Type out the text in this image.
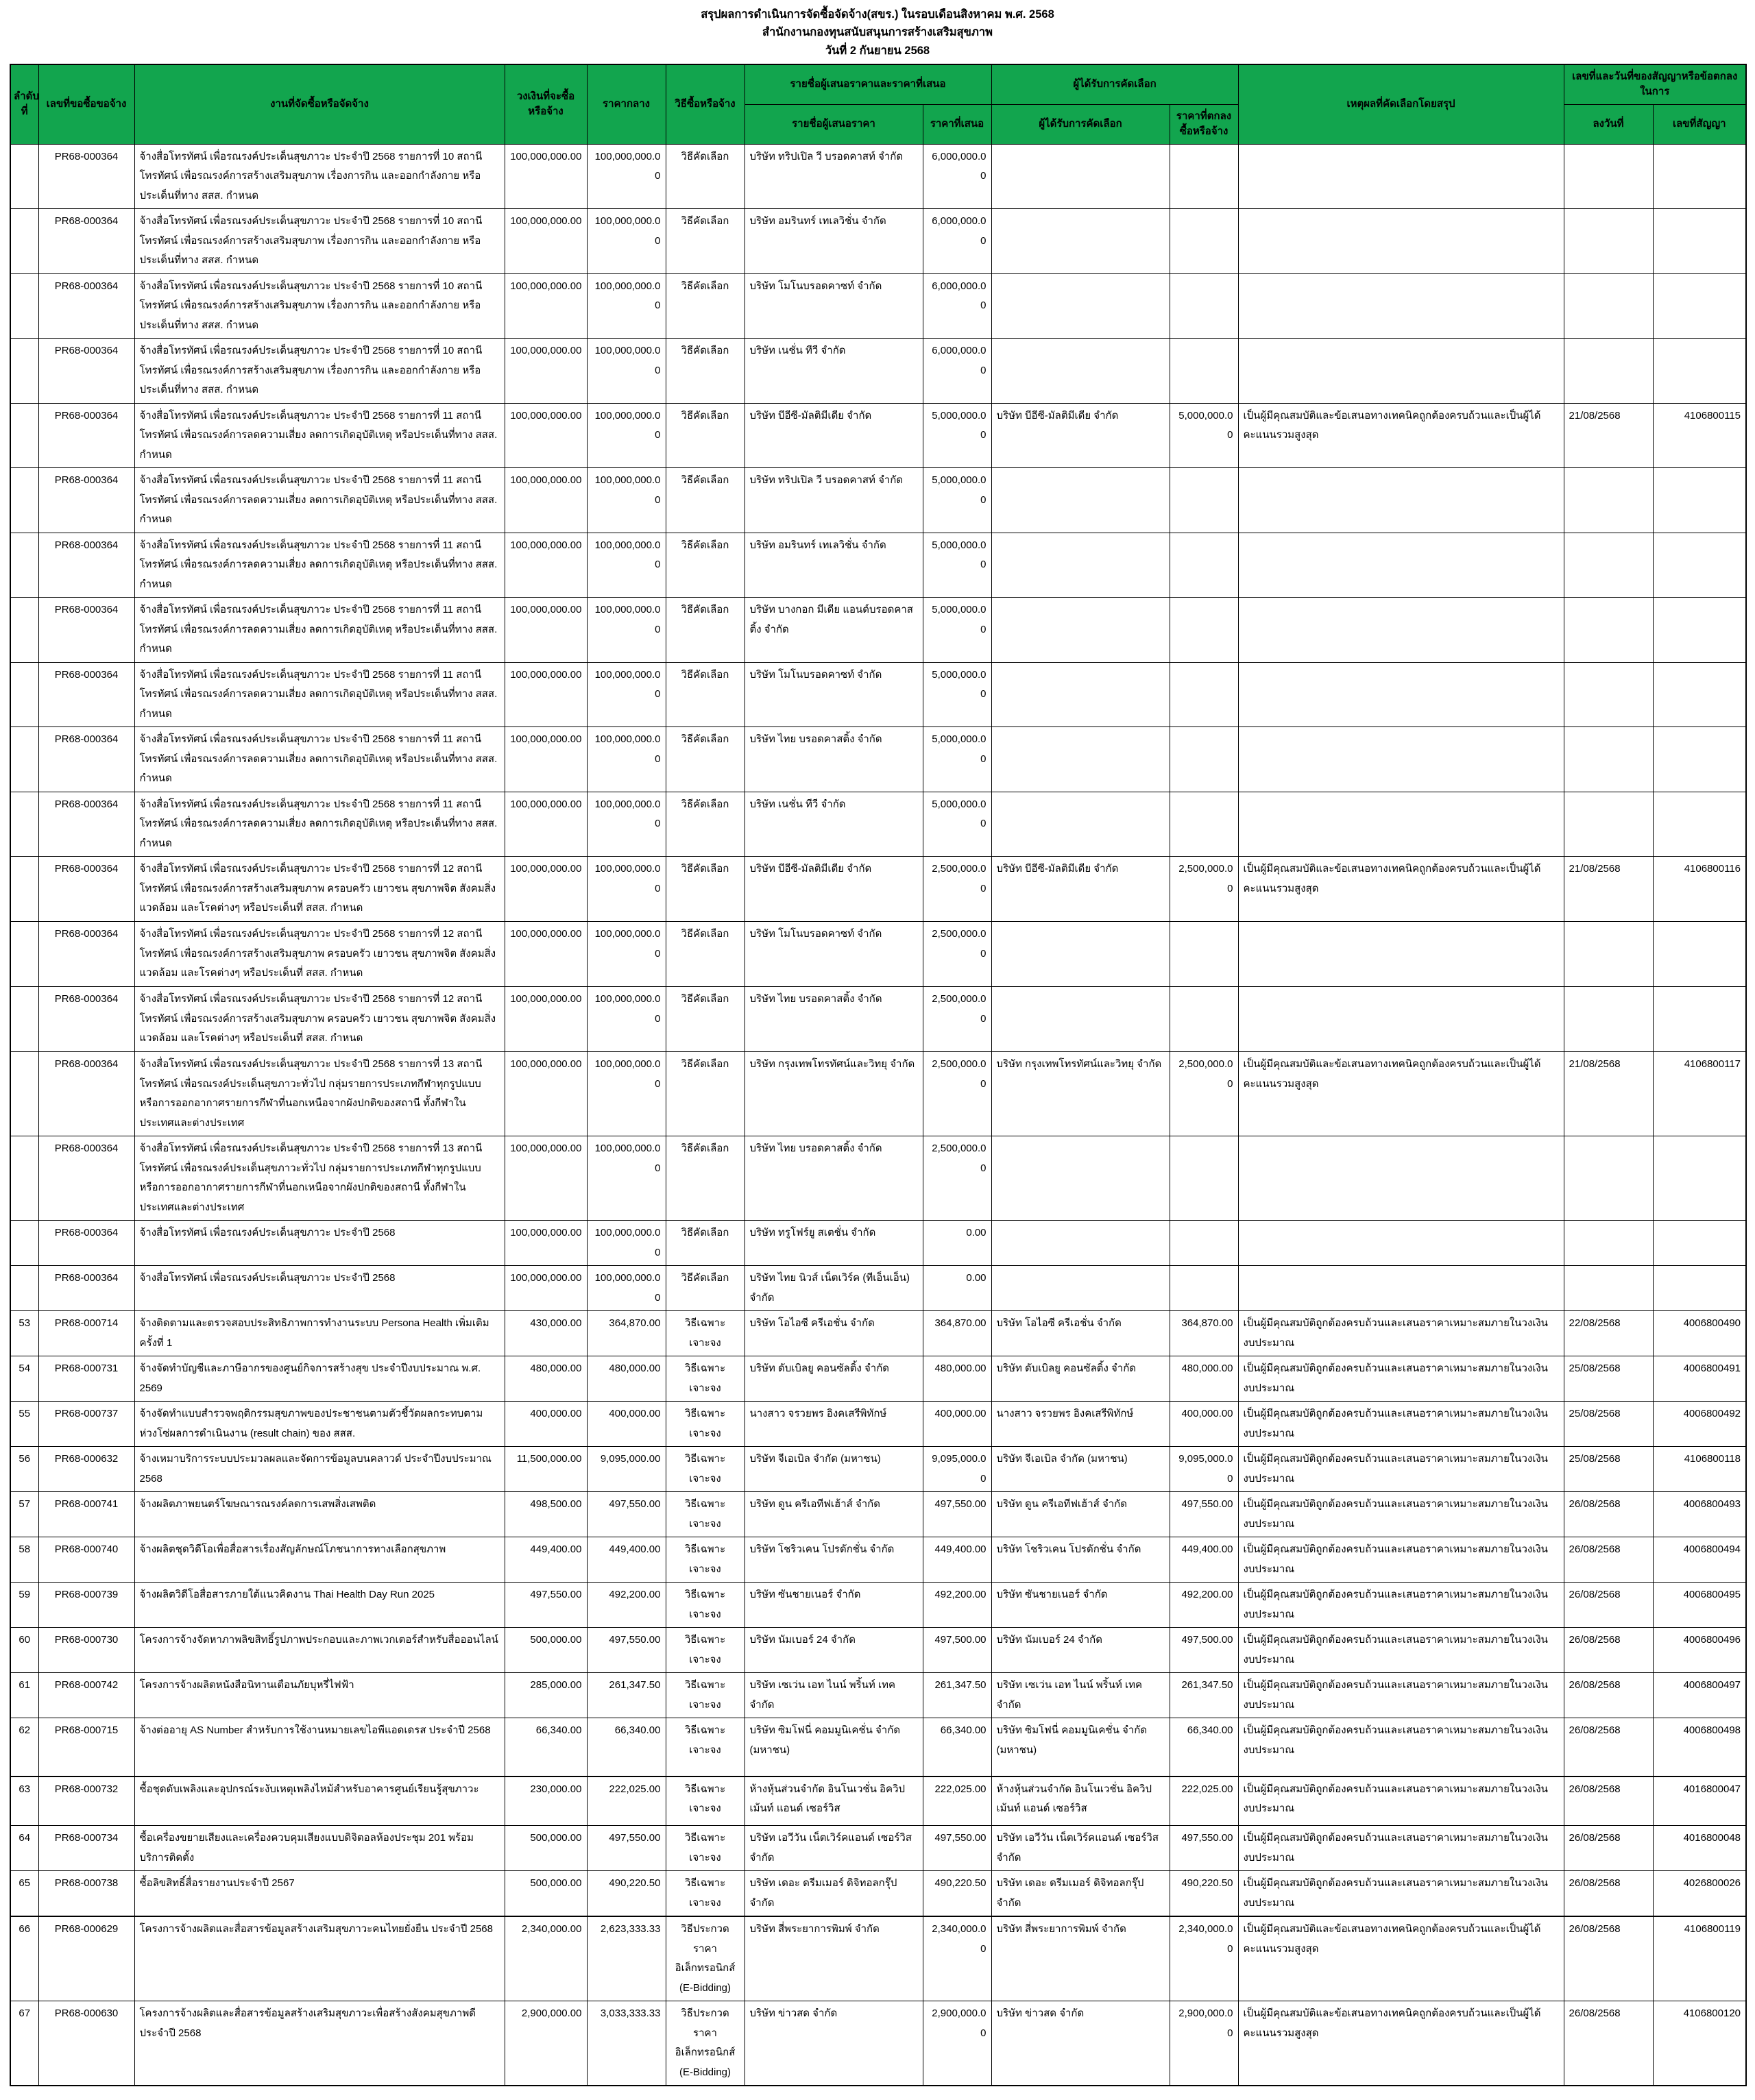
สรุปผลการดำเนินการจัดซื้อจัดจ้าง(สขร.) ในรอบเดือนสิงหาคม พ.ศ. 2568
สำนักงานกองทุนสนับสนุนการสร้างเสริมสุขภาพ
วันที่ 2 กันยายน 2568
ลำดับที่	เลขที่ขอซื้อขอจ้าง	งานที่จัดซื้อหรือจัดจ้าง	วงเงินที่จะซื้อหรือจ้าง	ราคากลาง	วิธีซื้อหรือจ้าง	รายชื่อผู้เสนอราคาและราคาที่เสนอ		ผู้ได้รับการคัดเลือก		เหตุผลที่คัดเลือกโดยสรุป	เลขที่และวันที่ของสัญญาหรือข้อตกลงในการ	
						รายชื่อผู้เสนอราคา	ราคาที่เสนอ	ผู้ได้รับการคัดเลือก	ราคาที่ตกลงซื้อหรือจ้าง		ลงวันที่	เลขที่สัญญา
	PR68-000364	จ้างสื่อโทรทัศน์ เพื่อรณรงค์ประเด็นสุขภาวะ ประจำปี 2568 รายการที่ 10 สถานีโทรทัศน์ เพื่อรณรงค์การสร้างเสริมสุขภาพ เรื่องการกิน และออกกำลังกาย หรือประเด็นที่ทาง สสส. กำหนด	100,000,000.00	100,000,000.00	วิธีคัดเลือก	บริษัท ทริปเปิล วี บรอดคาสท์ จำกัด	6,000,000.00					
	PR68-000364	จ้างสื่อโทรทัศน์ เพื่อรณรงค์ประเด็นสุขภาวะ ประจำปี 2568 รายการที่ 10 สถานีโทรทัศน์ เพื่อรณรงค์การสร้างเสริมสุขภาพ เรื่องการกิน และออกกำลังกาย หรือประเด็นที่ทาง สสส. กำหนด	100,000,000.00	100,000,000.00	วิธีคัดเลือก	บริษัท อมรินทร์ เทเลวิชั่น จำกัด	6,000,000.00					
	PR68-000364	จ้างสื่อโทรทัศน์ เพื่อรณรงค์ประเด็นสุขภาวะ ประจำปี 2568 รายการที่ 10 สถานีโทรทัศน์ เพื่อรณรงค์การสร้างเสริมสุขภาพ เรื่องการกิน และออกกำลังกาย หรือประเด็นที่ทาง สสส. กำหนด	100,000,000.00	100,000,000.00	วิธีคัดเลือก	บริษัท โมโนบรอดคาซท์ จำกัด	6,000,000.00					
	PR68-000364	จ้างสื่อโทรทัศน์ เพื่อรณรงค์ประเด็นสุขภาวะ ประจำปี 2568 รายการที่ 10 สถานีโทรทัศน์ เพื่อรณรงค์การสร้างเสริมสุขภาพ เรื่องการกิน และออกกำลังกาย หรือประเด็นที่ทาง สสส. กำหนด	100,000,000.00	100,000,000.00	วิธีคัดเลือก	บริษัท เนชั่น ทีวี จำกัด	6,000,000.00					
	PR68-000364	จ้างสื่อโทรทัศน์ เพื่อรณรงค์ประเด็นสุขภาวะ ประจำปี 2568 รายการที่ 11 สถานีโทรทัศน์ เพื่อรณรงค์การลดความเสี่ยง ลดการเกิดอุบัติเหตุ หรือประเด็นที่ทาง สสส. กำหนด	100,000,000.00	100,000,000.00	วิธีคัดเลือก	บริษัท บีอีซี-มัลติมีเดีย จำกัด	5,000,000.00	บริษัท บีอีซี-มัลติมีเดีย จำกัด	5,000,000.00	เป็นผู้มีคุณสมบัติและข้อเสนอทางเทคนิคถูกต้องครบถ้วนและเป็นผู้ได้คะแนนรวมสูงสุด	21/08/2568	4106800115
	PR68-000364	จ้างสื่อโทรทัศน์ เพื่อรณรงค์ประเด็นสุขภาวะ ประจำปี 2568 รายการที่ 11 สถานีโทรทัศน์ เพื่อรณรงค์การลดความเสี่ยง ลดการเกิดอุบัติเหตุ หรือประเด็นที่ทาง สสส. กำหนด	100,000,000.00	100,000,000.00	วิธีคัดเลือก	บริษัท ทริปเปิล วี บรอดคาสท์ จำกัด	5,000,000.00					
	PR68-000364	จ้างสื่อโทรทัศน์ เพื่อรณรงค์ประเด็นสุขภาวะ ประจำปี 2568 รายการที่ 11 สถานีโทรทัศน์ เพื่อรณรงค์การลดความเสี่ยง ลดการเกิดอุบัติเหตุ หรือประเด็นที่ทาง สสส. กำหนด	100,000,000.00	100,000,000.00	วิธีคัดเลือก	บริษัท อมรินทร์ เทเลวิชั่น จำกัด	5,000,000.00					
	PR68-000364	จ้างสื่อโทรทัศน์ เพื่อรณรงค์ประเด็นสุขภาวะ ประจำปี 2568 รายการที่ 11 สถานีโทรทัศน์ เพื่อรณรงค์การลดความเสี่ยง ลดการเกิดอุบัติเหตุ หรือประเด็นที่ทาง สสส. กำหนด	100,000,000.00	100,000,000.00	วิธีคัดเลือก	บริษัท บางกอก มีเดีย แอนด์บรอดคาสติ้ง จำกัด	5,000,000.00					
	PR68-000364	จ้างสื่อโทรทัศน์ เพื่อรณรงค์ประเด็นสุขภาวะ ประจำปี 2568 รายการที่ 11 สถานีโทรทัศน์ เพื่อรณรงค์การลดความเสี่ยง ลดการเกิดอุบัติเหตุ หรือประเด็นที่ทาง สสส. กำหนด	100,000,000.00	100,000,000.00	วิธีคัดเลือก	บริษัท โมโนบรอดคาซท์ จำกัด	5,000,000.00					
	PR68-000364	จ้างสื่อโทรทัศน์ เพื่อรณรงค์ประเด็นสุขภาวะ ประจำปี 2568 รายการที่ 11 สถานีโทรทัศน์ เพื่อรณรงค์การลดความเสี่ยง ลดการเกิดอุบัติเหตุ หรือประเด็นที่ทาง สสส. กำหนด	100,000,000.00	100,000,000.00	วิธีคัดเลือก	บริษัท ไทย บรอดคาสติ้ง จำกัด	5,000,000.00					
	PR68-000364	จ้างสื่อโทรทัศน์ เพื่อรณรงค์ประเด็นสุขภาวะ ประจำปี 2568 รายการที่ 11 สถานีโทรทัศน์ เพื่อรณรงค์การลดความเสี่ยง ลดการเกิดอุบัติเหตุ หรือประเด็นที่ทาง สสส. กำหนด	100,000,000.00	100,000,000.00	วิธีคัดเลือก	บริษัท เนชั่น ทีวี จำกัด	5,000,000.00					
	PR68-000364	จ้างสื่อโทรทัศน์ เพื่อรณรงค์ประเด็นสุขภาวะ ประจำปี 2568 รายการที่ 12 สถานีโทรทัศน์ เพื่อรณรงค์การสร้างเสริมสุขภาพ ครอบครัว เยาวชน สุขภาพจิต สังคมสิ่งแวดล้อม และโรคต่างๆ หรือประเด็นที่ สสส. กำหนด	100,000,000.00	100,000,000.00	วิธีคัดเลือก	บริษัท บีอีซี-มัลติมีเดีย จำกัด	2,500,000.00	บริษัท บีอีซี-มัลติมีเดีย จำกัด	2,500,000.00	เป็นผู้มีคุณสมบัติและข้อเสนอทางเทคนิคถูกต้องครบถ้วนและเป็นผู้ได้คะแนนรวมสูงสุด	21/08/2568	4106800116
	PR68-000364	จ้างสื่อโทรทัศน์ เพื่อรณรงค์ประเด็นสุขภาวะ ประจำปี 2568 รายการที่ 12 สถานีโทรทัศน์ เพื่อรณรงค์การสร้างเสริมสุขภาพ ครอบครัว เยาวชน สุขภาพจิต สังคมสิ่งแวดล้อม และโรคต่างๆ หรือประเด็นที่ สสส. กำหนด	100,000,000.00	100,000,000.00	วิธีคัดเลือก	บริษัท โมโนบรอดคาซท์ จำกัด	2,500,000.00					
	PR68-000364	จ้างสื่อโทรทัศน์ เพื่อรณรงค์ประเด็นสุขภาวะ ประจำปี 2568 รายการที่ 12 สถานีโทรทัศน์ เพื่อรณรงค์การสร้างเสริมสุขภาพ ครอบครัว เยาวชน สุขภาพจิต สังคมสิ่งแวดล้อม และโรคต่างๆ หรือประเด็นที่ สสส. กำหนด	100,000,000.00	100,000,000.00	วิธีคัดเลือก	บริษัท ไทย บรอดคาสติ้ง จำกัด	2,500,000.00					
	PR68-000364	จ้างสื่อโทรทัศน์ เพื่อรณรงค์ประเด็นสุขภาวะ ประจำปี 2568 รายการที่ 13 สถานีโทรทัศน์ เพื่อรณรงค์ประเด็นสุขภาวะทั่วไป กลุ่มรายการประเภทกีฬาทุกรูปแบบ หรือการออกอากาศรายการกีฬาที่นอกเหนือจากผังปกติของสถานี ทั้งกีฬาในประเทศและต่างประเทศ	100,000,000.00	100,000,000.00	วิธีคัดเลือก	บริษัท กรุงเทพโทรทัศน์และวิทยุ จำกัด	2,500,000.00	บริษัท กรุงเทพโทรทัศน์และวิทยุ จำกัด	2,500,000.00	เป็นผู้มีคุณสมบัติและข้อเสนอทางเทคนิคถูกต้องครบถ้วนและเป็นผู้ได้คะแนนรวมสูงสุด	21/08/2568	4106800117
	PR68-000364	จ้างสื่อโทรทัศน์ เพื่อรณรงค์ประเด็นสุขภาวะ ประจำปี 2568 รายการที่ 13 สถานีโทรทัศน์ เพื่อรณรงค์ประเด็นสุขภาวะทั่วไป กลุ่มรายการประเภทกีฬาทุกรูปแบบ หรือการออกอากาศรายการกีฬาที่นอกเหนือจากผังปกติของสถานี ทั้งกีฬาในประเทศและต่างประเทศ	100,000,000.00	100,000,000.00	วิธีคัดเลือก	บริษัท ไทย บรอดคาสติ้ง จำกัด	2,500,000.00					
	PR68-000364	จ้างสื่อโทรทัศน์ เพื่อรณรงค์ประเด็นสุขภาวะ ประจำปี 2568	100,000,000.00	100,000,000.00	วิธีคัดเลือก	บริษัท ทรูโฟร์ยู สเตชั่น จำกัด	0.00					
	PR68-000364	จ้างสื่อโทรทัศน์ เพื่อรณรงค์ประเด็นสุขภาวะ ประจำปี 2568	100,000,000.00	100,000,000.00	วิธีคัดเลือก	บริษัท ไทย นิวส์ เน็ตเวิร์ค (ทีเอ็นเอ็น) จำกัด	0.00					
53	PR68-000714	จ้างติดตามและตรวจสอบประสิทธิภาพการทำงานระบบ Persona Health เพิ่มเติม ครั้งที่ 1	430,000.00	364,870.00	วิธีเฉพาะเจาะจง	บริษัท โอไอซี ครีเอชั่น จำกัด	364,870.00	บริษัท โอไอซี ครีเอชั่น จำกัด	364,870.00	เป็นผู้มีคุณสมบัติถูกต้องครบถ้วนและเสนอราคาเหมาะสมภายในวงเงินงบประมาณ	22/08/2568	4006800490
54	PR68-000731	จ้างจัดทำบัญชีและภาษีอากรของศูนย์กิจการสร้างสุข ประจำปีงบประมาณ พ.ศ. 2569	480,000.00	480,000.00	วิธีเฉพาะเจาะจง	บริษัท ดับเบิลยู คอนซัลติ้ง จำกัด	480,000.00	บริษัท ดับเบิลยู คอนซัลติ้ง จำกัด	480,000.00	เป็นผู้มีคุณสมบัติถูกต้องครบถ้วนและเสนอราคาเหมาะสมภายในวงเงินงบประมาณ	25/08/2568	4006800491
55	PR68-000737	จ้างจัดทำแบบสำรวจพฤติกรรมสุขภาพของประชาชนตามตัวชี้วัดผลกระทบตามห่วงโซ่ผลการดำเนินงาน (result chain) ของ สสส.	400,000.00	400,000.00	วิธีเฉพาะเจาะจง	นางสาว จรวยพร อิงคเสรีพิทักษ์	400,000.00	นางสาว จรวยพร อิงคเสรีพิทักษ์	400,000.00	เป็นผู้มีคุณสมบัติถูกต้องครบถ้วนและเสนอราคาเหมาะสมภายในวงเงินงบประมาณ	25/08/2568	4006800492
56	PR68-000632	จ้างเหมาบริการระบบประมวลผลและจัดการข้อมูลบนคลาวด์ ประจำปีงบประมาณ 2568	11,500,000.00	9,095,000.00	วิธีเฉพาะเจาะจง	บริษัท จีเอเบิล จำกัด (มหาชน)	9,095,000.00	บริษัท จีเอเบิล จำกัด (มหาชน)	9,095,000.00	เป็นผู้มีคุณสมบัติถูกต้องครบถ้วนและเสนอราคาเหมาะสมภายในวงเงินงบประมาณ	25/08/2568	4106800118
57	PR68-000741	จ้างผลิตภาพยนตร์โฆษณารณรงค์ลดการเสพสิ่งเสพติด	498,500.00	497,550.00	วิธีเฉพาะเจาะจง	บริษัท ดูน ครีเอทีฟเฮ้าส์ จำกัด	497,550.00	บริษัท ดูน ครีเอทีฟเฮ้าส์ จำกัด	497,550.00	เป็นผู้มีคุณสมบัติถูกต้องครบถ้วนและเสนอราคาเหมาะสมภายในวงเงินงบประมาณ	26/08/2568	4006800493
58	PR68-000740	จ้างผลิตชุดวิดีโอเพื่อสื่อสารเรื่องสัญลักษณ์โภชนาการทางเลือกสุขภาพ	449,400.00	449,400.00	วิธีเฉพาะเจาะจง	บริษัท โชริวเคน โปรดักชั่น จำกัด	449,400.00	บริษัท โชริวเคน โปรดักชั่น จำกัด	449,400.00	เป็นผู้มีคุณสมบัติถูกต้องครบถ้วนและเสนอราคาเหมาะสมภายในวงเงินงบประมาณ	26/08/2568	4006800494
59	PR68-000739	จ้างผลิตวิดีโอสื่อสารภายใต้แนวคิดงาน Thai Health Day Run 2025	497,550.00	492,200.00	วิธีเฉพาะเจาะจง	บริษัท ซันชายเนอร์ จำกัด	492,200.00	บริษัท ซันชายเนอร์ จำกัด	492,200.00	เป็นผู้มีคุณสมบัติถูกต้องครบถ้วนและเสนอราคาเหมาะสมภายในวงเงินงบประมาณ	26/08/2568	4006800495
60	PR68-000730	โครงการจ้างจัดหาภาพลิขสิทธิ์รูปภาพประกอบและภาพเวกเตอร์สำหรับสื่อออนไลน์	500,000.00	497,550.00	วิธีเฉพาะเจาะจง	บริษัท นัมเบอร์ 24 จำกัด	497,500.00	บริษัท นัมเบอร์ 24 จำกัด	497,500.00	เป็นผู้มีคุณสมบัติถูกต้องครบถ้วนและเสนอราคาเหมาะสมภายในวงเงินงบประมาณ	26/08/2568	4006800496
61	PR68-000742	โครงการจ้างผลิตหนังสือนิทานเตือนภัยบุหรี่ไฟฟ้า	285,000.00	261,347.50	วิธีเฉพาะเจาะจง	บริษัท เซเว่น เอท ไนน์ พริ้นท์ เทคจำกัด	261,347.50	บริษัท เซเว่น เอท ไนน์ พริ้นท์ เทคจำกัด	261,347.50	เป็นผู้มีคุณสมบัติถูกต้องครบถ้วนและเสนอราคาเหมาะสมภายในวงเงินงบประมาณ	26/08/2568	4006800497
62	PR68-000715	จ้างต่ออายุ AS Number สำหรับการใช้งานหมายเลขไอพีแอดเดรส ประจำปี 2568	66,340.00	66,340.00	วิธีเฉพาะเจาะจง	บริษัท ซิมโฟนี่ คอมมูนิเคชั่น จำกัด (มหาชน)	66,340.00	บริษัท ซิมโฟนี่ คอมมูนิเคชั่น จำกัด (มหาชน)	66,340.00	เป็นผู้มีคุณสมบัติถูกต้องครบถ้วนและเสนอราคาเหมาะสมภายในวงเงินงบประมาณ	26/08/2568	4006800498
63	PR68-000732	ซื้อชุดดับเพลิงและอุปกรณ์ระงับเหตุเพลิงไหม้สำหรับอาคารศูนย์เรียนรู้สุขภาวะ	230,000.00	222,025.00	วิธีเฉพาะเจาะจง	ห้างหุ้นส่วนจำกัด อินโนเวชั่น อิควิปเม้นท์ แอนด์ เซอร์วิส	222,025.00	ห้างหุ้นส่วนจำกัด อินโนเวชั่น อิควิปเม้นท์ แอนด์ เซอร์วิส	222,025.00	เป็นผู้มีคุณสมบัติถูกต้องครบถ้วนและเสนอราคาเหมาะสมภายในวงเงินงบประมาณ	26/08/2568	4016800047
64	PR68-000734	ซื้อเครื่องขยายเสียงและเครื่องควบคุมเสียงแบบดิจิตอลห้องประชุม 201 พร้อมบริการติดตั้ง	500,000.00	497,550.00	วิธีเฉพาะเจาะจง	บริษัท เอวีวัน เน็ตเวิร์คแอนด์ เซอร์วิส จำกัด	497,550.00	บริษัท เอวีวัน เน็ตเวิร์คแอนด์ เซอร์วิส จำกัด	497,550.00	เป็นผู้มีคุณสมบัติถูกต้องครบถ้วนและเสนอราคาเหมาะสมภายในวงเงินงบประมาณ	26/08/2568	4016800048
65	PR68-000738	ซื้อลิขสิทธิ์สื่อรายงานประจำปี 2567	500,000.00	490,220.50	วิธีเฉพาะเจาะจง	บริษัท เดอะ ดรีมเมอร์ ดิจิทอลกรุ๊ป จำกัด	490,220.50	บริษัท เดอะ ดรีมเมอร์ ดิจิทอลกรุ๊ป จำกัด	490,220.50	เป็นผู้มีคุณสมบัติถูกต้องครบถ้วนและเสนอราคาเหมาะสมภายในวงเงินงบประมาณ	26/08/2568	4026800026
66	PR68-000629	โครงการจ้างผลิตและสื่อสารข้อมูลสร้างเสริมสุขภาวะคนไทยยั่งยืน ประจำปี 2568	2,340,000.00	2,623,333.33	วิธีประกวดราคาอิเล็กทรอนิกส์ (E-Bidding)	บริษัท สี่พระยาการพิมพ์ จำกัด	2,340,000.00	บริษัท สี่พระยาการพิมพ์ จำกัด	2,340,000.00	เป็นผู้มีคุณสมบัติและข้อเสนอทางเทคนิคถูกต้องครบถ้วนและเป็นผู้ได้คะแนนรวมสูงสุด	26/08/2568	4106800119
67	PR68-000630	โครงการจ้างผลิตและสื่อสารข้อมูลสร้างเสริมสุขภาวะเพื่อสร้างสังคมสุขภาพดี ประจำปี 2568	2,900,000.00	3,033,333.33	วิธีประกวดราคาอิเล็กทรอนิกส์ (E-Bidding)	บริษัท ข่าวสด จำกัด	2,900,000.00	บริษัท ข่าวสด จำกัด	2,900,000.00	เป็นผู้มีคุณสมบัติและข้อเสนอทางเทคนิคถูกต้องครบถ้วนและเป็นผู้ได้คะแนนรวมสูงสุด	26/08/2568	4106800120
